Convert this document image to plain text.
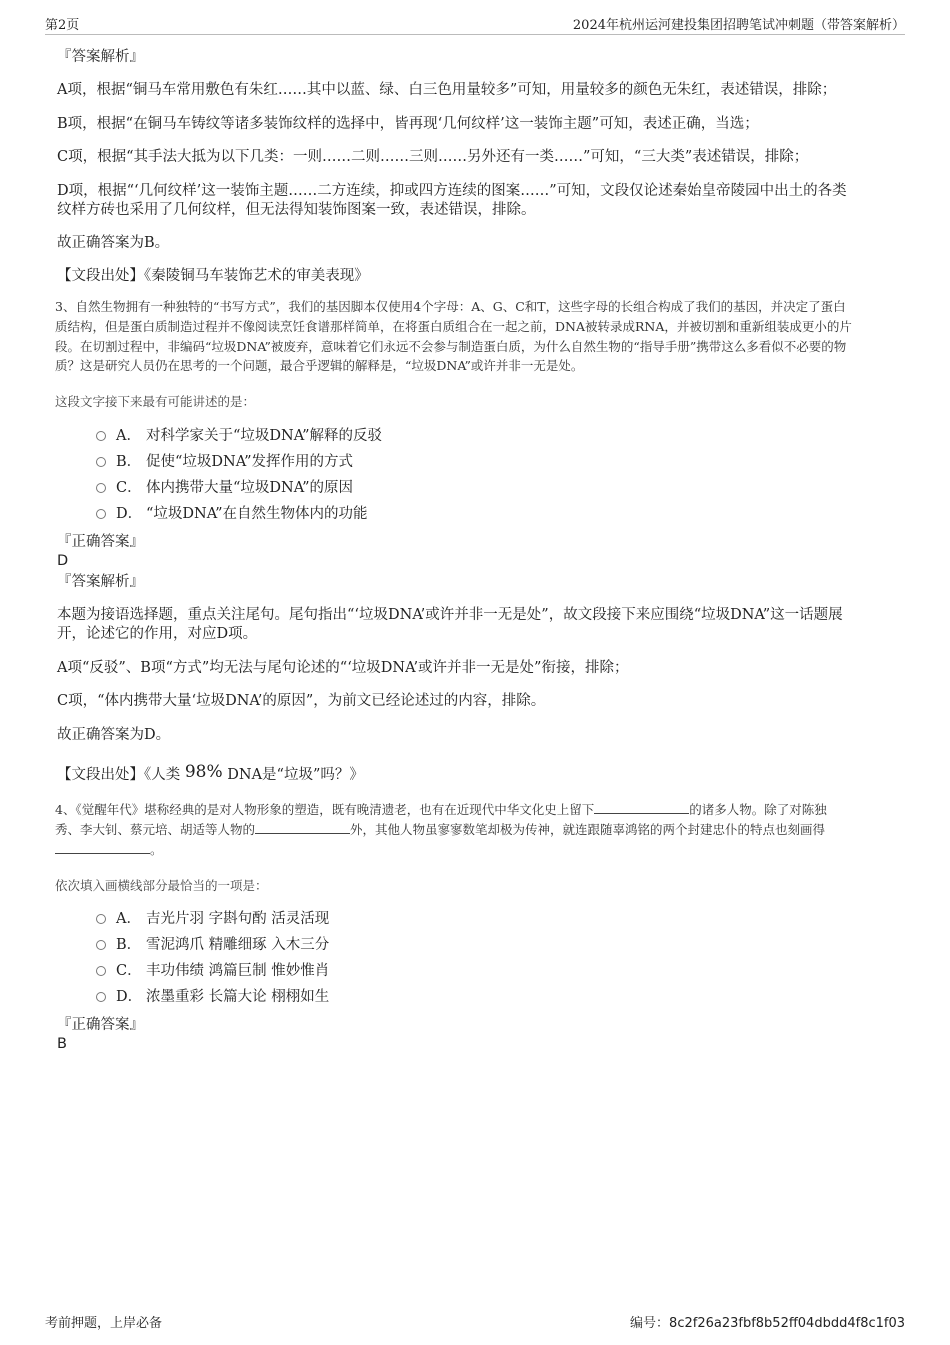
第2页	2024年杭州运河建投集团招聘笔试冲刺题（带答案解析）
『答案解析』
A项，根据“铜马车常用敷色有朱红……其中以蓝、绿、白三色用量较多”可知，用量较多的颜色无朱红，表述错误，排除；
B项，根据“在铜马车铸纹等诸多装饰纹样的选择中，皆再现‘几何纹样’这一装饰主题”可知，表述正确，当选；
C项，根据“其手法大抵为以下几类：一则……二则……三则……另外还有一类……”可知，“三大类”表述错误，排除；
D项，根据“‘几何纹样’这一装饰主题……二方连续，抑或四方连续的图案……”可知，文段仅论述秦始皇帝陵园中出土的各类
纹样方砖也采用了几何纹样，但无法得知装饰图案一致，表述错误，排除。
故正确答案为B。
【文段出处】《秦陵铜马车装饰艺术的审美表现》
3、自然生物拥有一种独特的“书写方式”，我们的基因脚本仅使用4个字母：A、G、C和T，这些字母的长组合构成了我们的基因，并决定了蛋白
质结构，但是蛋白质制造过程并不像阅读烹饪食谱那样简单，在将蛋白质组合在一起之前，DNA被转录成RNA，并被切割和重新组装成更小的片
段。在切割过程中，非编码“垃圾DNA”被废弃，意味着它们永远不会参与制造蛋白质，为什么自然生物的“指导手册”携带这么多看似不必要的物
质？这是研究人员仍在思考的一个问题，最合乎逻辑的解释是，“垃圾DNA”或许并非一无是处。
这段文字接下来最有可能讲述的是：
A． 对科学家关于“垃圾DNA”解释的反驳
B． 促使“垃圾DNA”发挥作用的方式
C． 体内携带大量“垃圾DNA”的原因
D． “垃圾DNA”在自然生物体内的功能
『正确答案』
D
『答案解析』
本题为接语选择题，重点关注尾句。尾句指出“‘垃圾DNA’或许并非一无是处”，故文段接下来应围绕“垃圾DNA”这一话题展
开，论述它的作用，对应D项。
A项“反驳”、B项“方式”均无法与尾句论述的“‘垃圾DNA’或许并非一无是处”衔接，排除；
C项，“体内携带大量‘垃圾DNA’的原因”，为前文已经论述过的内容，排除。
故正确答案为D。
【文段出处】《人类 98% DNA是“垃圾”吗？》
4、《觉醒年代》堪称经典的是对人物形象的塑造，既有晚清遗老，也有在近现代中华文化史上留下	的诸多人物。除了对陈独
秀、李大钊、蔡元培、胡适等人物的	外，其他人物虽寥寥数笔却极为传神，就连跟随辜鸿铭的两个封建忠仆的特点也刻画得
。
依次填入画横线部分最恰当的一项是：
A． 吉光片羽 字斟句酌 活灵活现
B． 雪泥鸿爪 精雕细琢 入木三分
C． 丰功伟绩 鸿篇巨制 惟妙惟肖
D． 浓墨重彩 长篇大论 栩栩如生
『正确答案』
B
考前押题，上岸必备	编号：8c2f26a23fbf8b52ff04dbdd4f8c1f03
